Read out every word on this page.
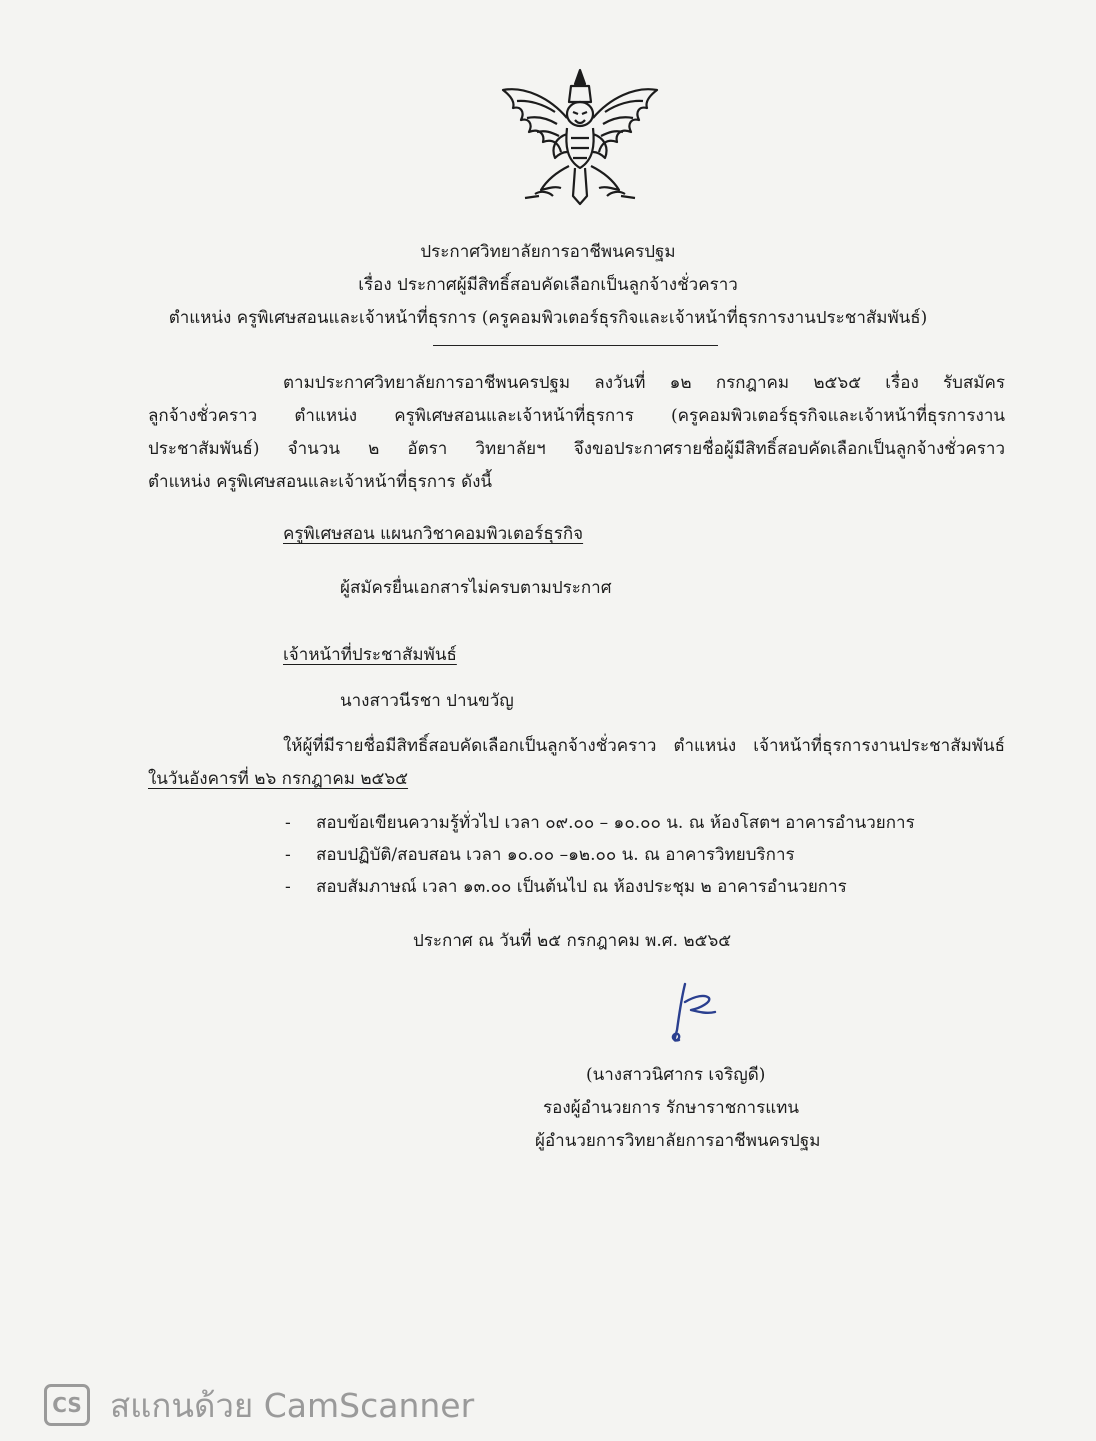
ประกาศวิทยาลัยการอาชีพนครปฐม
เรื่อง ประกาศผู้มีสิทธิ์สอบคัดเลือกเป็นลูกจ้างชั่วคราว
ตำแหน่ง ครูพิเศษสอนและเจ้าหน้าที่ธุรการ (ครูคอมพิวเตอร์ธุรกิจและเจ้าหน้าที่ธุรการงานประชาสัมพันธ์)
ตามประกาศวิทยาลัยการอาชีพนครปฐม ลงวันที่ ๑๒ กรกฎาคม ๒๕๖๕ เรื่อง รับสมัคร
ลูกจ้างชั่วคราว ตำแหน่ง ครูพิเศษสอนและเจ้าหน้าที่ธุรการ (ครูคอมพิวเตอร์ธุรกิจและเจ้าหน้าที่ธุรการงาน
ประชาสัมพันธ์) จำนวน ๒ อัตรา วิทยาลัยฯ จึงขอประกาศรายชื่อผู้มีสิทธิ์สอบคัดเลือกเป็นลูกจ้างชั่วคราว
ตำแหน่ง ครูพิเศษสอนและเจ้าหน้าที่ธุรการ ดังนี้
ครูพิเศษสอน แผนกวิชาคอมพิวเตอร์ธุรกิจ
ผู้สมัครยื่นเอกสารไม่ครบตามประกาศ
เจ้าหน้าที่ประชาสัมพันธ์
นางสาวนีรชา ปานขวัญ
ให้ผู้ที่มีรายชื่อมีสิทธิ์สอบคัดเลือกเป็นลูกจ้างชั่วคราว ตำแหน่ง เจ้าหน้าที่ธุรการงานประชาสัมพันธ์
ในวันอังคารที่ ๒๖ กรกฎาคม ๒๕๖๕
- สอบข้อเขียนความรู้ทั่วไป เวลา ๐๙.๐๐ – ๑๐.๐๐ น. ณ ห้องโสตฯ อาคารอำนวยการ
- สอบปฏิบัติ/สอบสอน เวลา ๑๐.๐๐ –๑๒.๐๐ น. ณ อาคารวิทยบริการ
- สอบสัมภาษณ์ เวลา ๑๓.๐๐ เป็นต้นไป ณ ห้องประชุม ๒ อาคารอำนวยการ
ประกาศ ณ วันที่ ๒๕ กรกฎาคม พ.ศ. ๒๕๖๕
(นางสาวนิศากร เจริญดี)
รองผู้อำนวยการ รักษาราชการแทน
ผู้อำนวยการวิทยาลัยการอาชีพนครปฐม
CS สแกนด้วย CamScanner
